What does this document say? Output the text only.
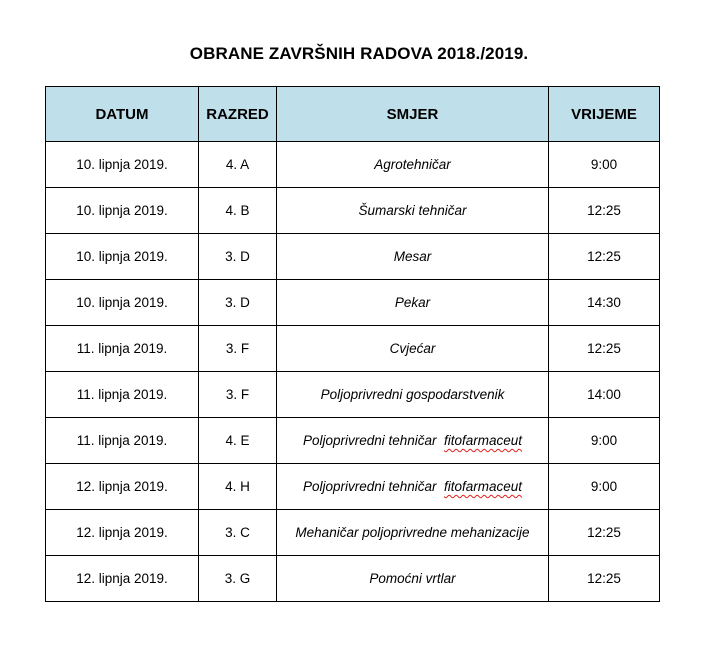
OBRANE ZAVRŠNIH RADOVA 2018./2019.
DATUM	RAZRED	SMJER	VRIJEME
10. lipnja 2019.	4. A	Agrotehničar	9:00
10. lipnja 2019.	4. B	Šumarski tehničar	12:25
10. lipnja 2019.	3. D	Mesar	12:25
10. lipnja 2019.	3. D	Pekar	14:30
11. lipnja 2019.	3. F	Cvjećar	12:25
11. lipnja 2019.	3. F	Poljoprivredni gospodarstvenik	14:00
11. lipnja 2019.	4. E	Poljoprivredni tehničar  fitofarmaceut	9:00
12. lipnja 2019.	4. H	Poljoprivredni tehničar  fitofarmaceut	9:00
12. lipnja 2019.	3. C	Mehaničar poljoprivredne mehanizacije	12:25
12. lipnja 2019.	3. G	Pomoćni vrtlar	12:25
